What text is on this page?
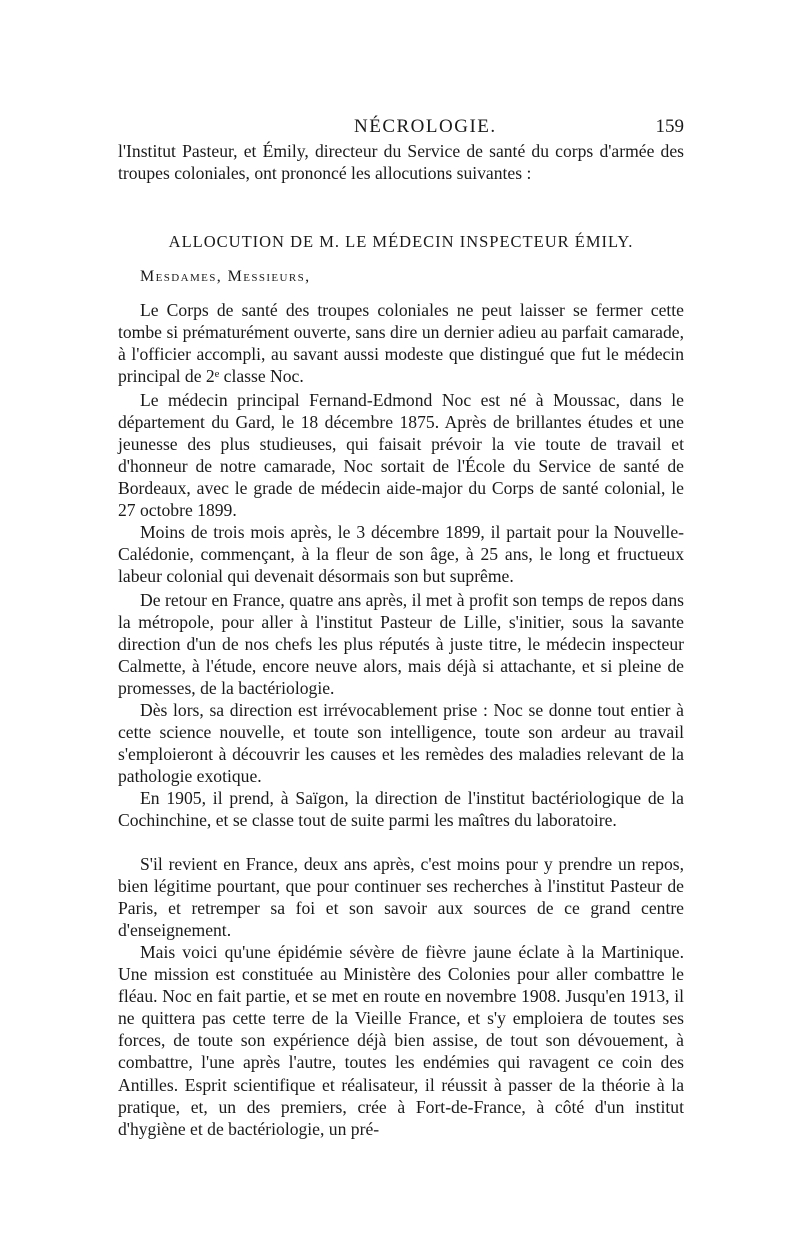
NÉCROLOGIE.	159

l'Institut Pasteur, et Émily, directeur du Service de santé du corps d'armée des troupes coloniales, ont prononcé les allocutions suivantes :

ALLOCUTION DE M. LE MÉDECIN INSPECTEUR ÉMILY.
Mesdames, Messieurs,

Le Corps de santé des troupes coloniales ne peut laisser se fermer cette tombe si prématurément ouverte, sans dire un dernier adieu au parfait camarade, à l'officier accompli, au savant aussi modeste que distingué que fut le médecin principal de 2ᵉ classe Noc.

Le médecin principal Fernand-Edmond Noc est né à Moussac, dans le département du Gard, le 18 décembre 1875. Après de brillantes études et une jeunesse des plus studieuses, qui faisait prévoir la vie toute de travail et d'honneur de notre camarade, Noc sortait de l'École du Service de santé de Bordeaux, avec le grade de médecin aide-major du Corps de santé colonial, le 27 octobre 1899.

Moins de trois mois après, le 3 décembre 1899, il partait pour la Nouvelle-Calédonie, commençant, à la fleur de son âge, à 25 ans, le long et fructueux labeur colonial qui devenait désormais son but suprême.

De retour en France, quatre ans après, il met à profit son temps de repos dans la métropole, pour aller à l'institut Pasteur de Lille, s'initier, sous la savante direction d'un de nos chefs les plus réputés à juste titre, le médecin inspecteur Calmette, à l'étude, encore neuve alors, mais déjà si attachante, et si pleine de promesses, de la bactériologie.

Dès lors, sa direction est irrévocablement prise : Noc se donne tout entier à cette science nouvelle, et toute son intelligence, toute son ardeur au travail s'emploieront à découvrir les causes et les remèdes des maladies relevant de la pathologie exotique.

En 1905, il prend, à Saïgon, la direction de l'institut bactériologique de la Cochinchine, et se classe tout de suite parmi les maîtres du laboratoire.

S'il revient en France, deux ans après, c'est moins pour y prendre un repos, bien légitime pourtant, que pour continuer ses recherches à l'institut Pasteur de Paris, et retremper sa foi et son savoir aux sources de ce grand centre d'enseignement.

Mais voici qu'une épidémie sévère de fièvre jaune éclate à la Martinique. Une mission est constituée au Ministère des Colonies pour aller combattre le fléau. Noc en fait partie, et se met en route en novembre 1908. Jusqu'en 1913, il ne quittera pas cette terre de la Vieille France, et s'y emploiera de toutes ses forces, de toute son expérience déjà bien assise, de tout son dévouement, à combattre, l'une après l'autre, toutes les endémies qui ravagent ce coin des Antilles. Esprit scientifique et réalisateur, il réussit à passer de la théorie à la pratique, et, un des premiers, crée à Fort-de-France, à côté d'un institut d'hygiène et de bactériologie, un pré-
